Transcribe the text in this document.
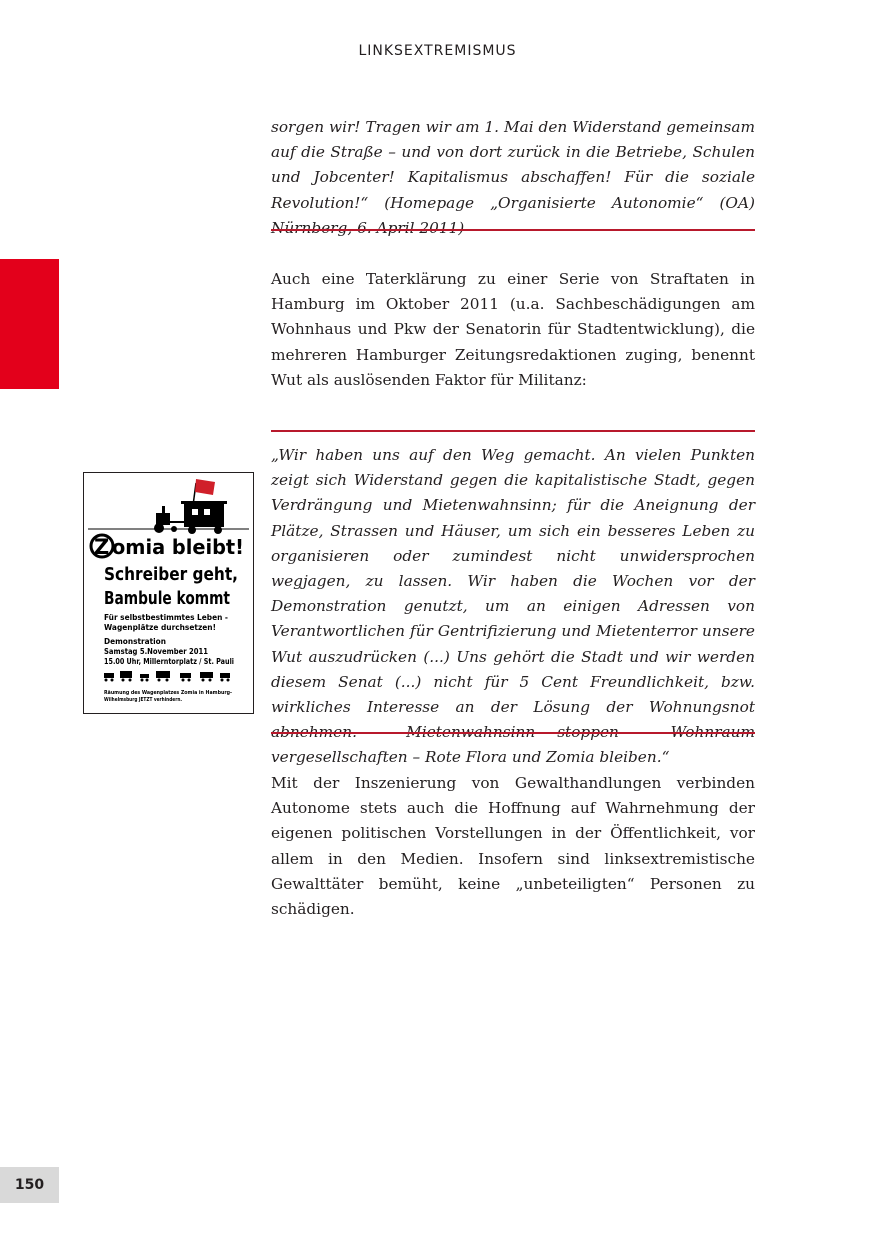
LINKSEXTREMISMUS

sorgen wir! Tragen wir am 1. Mai den Widerstand gemeinsam auf die Straße – und von dort zurück in die Betriebe, Schulen und Jobcenter! Kapitalismus abschaffen! Für die soziale Revolution!“ (Homepage „Organisierte Autonomie“ (OA) Nürnberg, 6. April 2011)

Auch eine Taterklärung zu einer Serie von Straftaten in Hamburg im Oktober 2011 (u.a. Sachbeschädigungen am Wohnhaus und Pkw der Senatorin für Stadtentwicklung), die mehreren Hamburger Zeitungsredaktionen zuging, benennt Wut als auslösenden Faktor für Militanz:

„Wir haben uns auf den Weg gemacht. An vielen Punkten zeigt sich Widerstand gegen die kapitalistische Stadt, gegen Verdrängung und Mietenwahnsinn; für die Aneignung der Plätze, Strassen und Häuser, um sich ein besseres Leben zu organisieren oder zumindest nicht unwidersprochen wegjagen, zu lassen. Wir haben die Wochen vor der Demonstration genutzt, um an einigen Adressen von Verantwortlichen für Gentrifizierung und Mietenterror unsere Wut auszudrücken (...) Uns gehört die Stadt und wir werden diesem Senat (...) nicht für 5 Cent Freundlichkeit, bzw. wirkliches Interesse an der Lösung der Wohnungsnot abnehmen. - Mietenwahnsinn stoppen – Wohnraum vergesellschaften – Rote Flora und Zomia bleiben.“

Mit der Inszenierung von Gewalthandlungen verbinden Autonome stets auch die Hoffnung auf Wahrnehmung der eigenen politischen Vorstellungen in der Öffentlichkeit, vor allem in den Medien. Insofern sind linksextremistische Gewalttäter bemüht, keine „unbeteiligten“ Personen zu schädigen.

Z omia bleibt!
Schreiber geht,
Bambule kommt
Für selbstbestimmtes Leben -
Wagenplätze durchsetzen!
Demonstration
Samstag 5.November 2011
15.00 Uhr, Millerntorplatz / St. Pauli
Räumung des Wagenplatzes Zomia in Hamburg-
Wilhelmsburg JETZT verhindern.
150
